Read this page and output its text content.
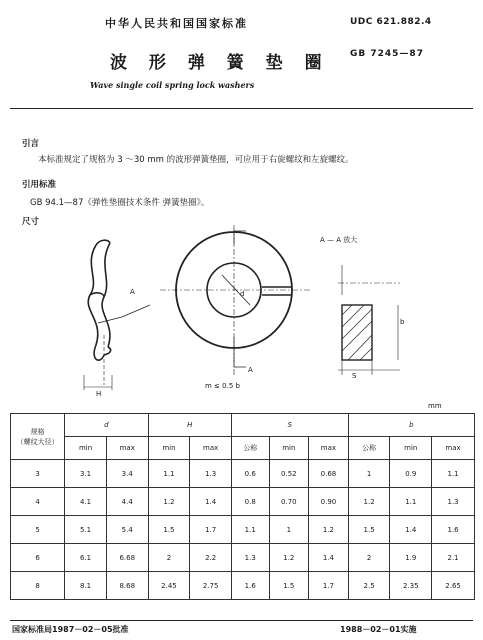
中华人民共和国国家标准	UDC 621.882.4
波 形 弹 簧 垫 圈 GB 7245—87
Wave single coil spring lock washers
引言
本标准规定了规格为 3 ～30 mm 的波形弹簧垫圈，可应用于右旋螺纹和左旋螺纹。
引用标准
GB 94.1—87《弹性垫圈技术条件 弹簧垫圈》。
尺寸
A — A 放大
A
A
H
d
S
b
m ≤ 0.5 b
mm
规格
（螺纹大径）	d		H		S			b		
	min	max	min	max	公称	min	max	公称	min	max
3	3.1	3.4	1.1	1.3	0.6	0.52	0.68	1	0.9	1.1
4	4.1	4.4	1.2	1.4	0.8	0.70	0.90	1.2	1.1	1.3
5	5.1	5.4	1.5	1.7	1.1	1	1.2	1.5	1.4	1.6
6	6.1	6.68	2	2.2	1.3	1.2	1.4	2	1.9	2.1
8	8.1	8.68	2.45	2.75	1.6	1.5	1.7	2.5	2.35	2.65
国家标准局1987－02－05批准	1988－02－01实施
